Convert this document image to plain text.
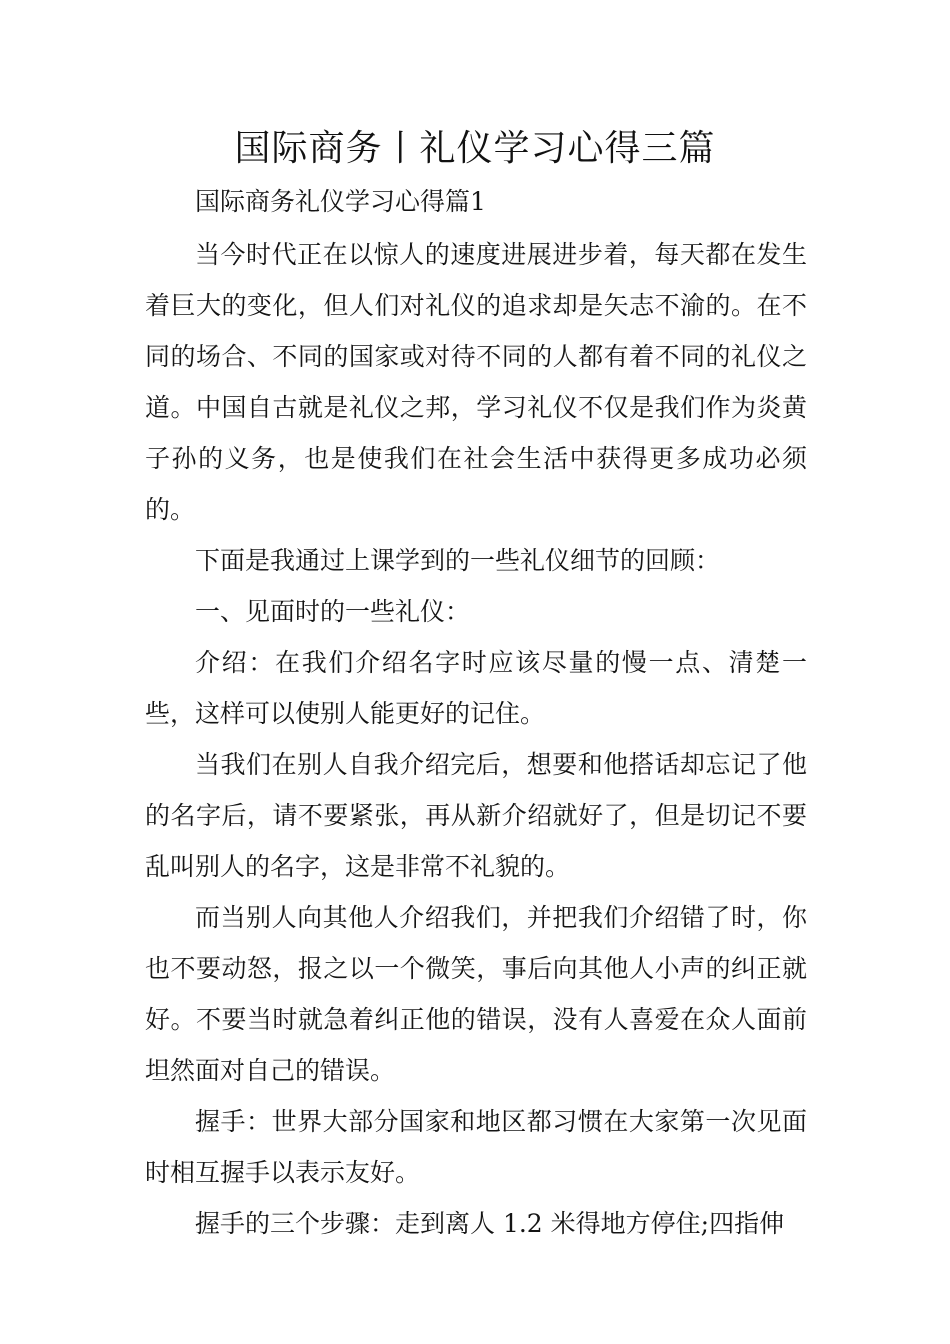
国际商务丨礼仪学习心得三篇

国际商务礼仪学习心得篇1

当今时代正在以惊人的速度进展进步着，每天都在发生着巨大的变化，但人们对礼仪的追求却是矢志不渝的。在不同的场合、不同的国家或对待不同的人都有着不同的礼仪之道。中国自古就是礼仪之邦，学习礼仪不仅是我们作为炎黄子孙的义务，也是使我们在社会生活中获得更多成功必须的。

下面是我通过上课学到的一些礼仪细节的回顾：

一、见面时的一些礼仪：

介绍：在我们介绍名字时应该尽量的慢一点、清楚一些，这样可以使别人能更好的记住。

当我们在别人自我介绍完后，想要和他搭话却忘记了他的名字后，请不要紧张，再从新介绍就好了，但是切记不要乱叫别人的名字，这是非常不礼貌的。

而当别人向其他人介绍我们，并把我们介绍错了时，你也不要动怒，报之以一个微笑，事后向其他人小声的纠正就好。不要当时就急着纠正他的错误，没有人喜爱在众人面前坦然面对自己的错误。

握手：世界大部分国家和地区都习惯在大家第一次见面时相互握手以表示友好。

握手的三个步骤：走到离人 1.2 米得地方停住;四指伸
